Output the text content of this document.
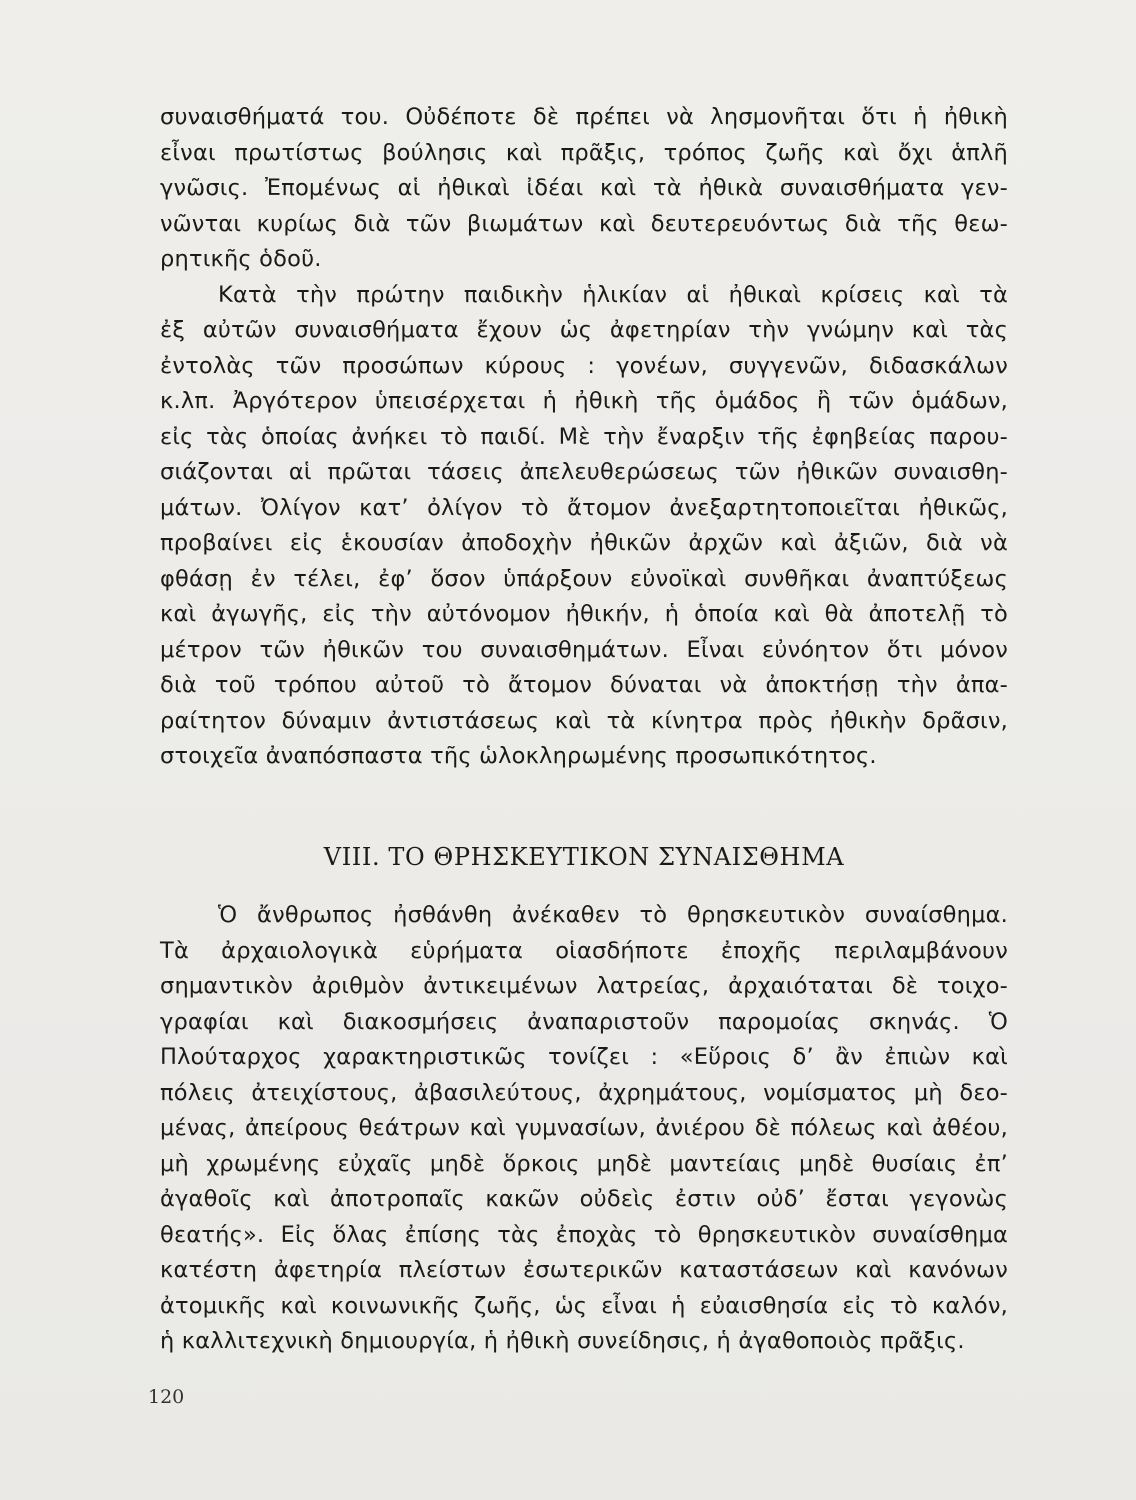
συναισθήματά του. Οὐδέποτε δὲ πρέπει νὰ λησμονῆται ὅτι ἡ ἠθικὴ
εἶναι πρωτίστως βούλησις καὶ πρᾶξις, τρόπος ζωῆς καὶ ὄχι ἁπλῆ
γνῶσις. Ἐπομένως αἱ ἠθικαὶ ἰδέαι καὶ τὰ ἠθικὰ συναισθήματα γεν-
νῶνται κυρίως διὰ τῶν βιωμάτων καὶ δευτερευόντως διὰ τῆς θεω-
ρητικῆς ὁδοῦ.
Κατὰ τὴν πρώτην παιδικὴν ἡλικίαν αἱ ἠθικαὶ κρίσεις καὶ τὰ
ἐξ αὐτῶν συναισθήματα ἔχουν ὡς ἀφετηρίαν τὴν γνώμην καὶ τὰς
ἐντολὰς τῶν προσώπων κύρους : γονέων, συγγενῶν, διδασκάλων
κ.λπ. Ἀργότερον ὑπεισέρχεται ἡ ἠθικὴ τῆς ὁμάδος ἢ τῶν ὁμάδων,
εἰς τὰς ὁποίας ἀνήκει τὸ παιδί. Μὲ τὴν ἔναρξιν τῆς ἐφηβείας παρου-
σιάζονται αἱ πρῶται τάσεις ἀπελευθερώσεως τῶν ἠθικῶν συναισθη-
μάτων. Ὀλίγον κατ’ ὀλίγον τὸ ἄτομον ἀνεξαρτητοποιεῖται ἠθικῶς,
προβαίνει εἰς ἑκουσίαν ἀποδοχὴν ἠθικῶν ἀρχῶν καὶ ἀξιῶν, διὰ νὰ
φθάσῃ ἐν τέλει, ἐφ’ ὅσον ὑπάρξουν εὐνοϊκαὶ συνθῆκαι ἀναπτύξεως
καὶ ἀγωγῆς, εἰς τὴν αὐτόνομον ἠθικήν, ἡ ὁποία καὶ θὰ ἀποτελῇ τὸ
μέτρον τῶν ἠθικῶν του συναισθημάτων. Εἶναι εὐνόητον ὅτι μόνον
διὰ τοῦ τρόπου αὐτοῦ τὸ ἄτομον δύναται νὰ ἀποκτήσῃ τὴν ἀπα-
ραίτητον δύναμιν ἀντιστάσεως καὶ τὰ κίνητρα πρὸς ἠθικὴν δρᾶσιν,
στοιχεῖα ἀναπόσπαστα τῆς ὡλοκληρωμένης προσωπικότητος.
VIII. ΤΟ ΘΡΗΣΚΕΥΤΙΚΟΝ ΣΥΝΑΙΣΘΗΜΑ
Ὁ ἄνθρωπος ἠσθάνθη ἀνέκαθεν τὸ θρησκευτικὸν συναίσθημα.
Τὰ ἀρχαιολογικὰ εὑρήματα οἱασδήποτε ἐποχῆς περιλαμβάνουν
σημαντικὸν ἀριθμὸν ἀντικειμένων λατρείας, ἀρχαιόταται δὲ τοιχο-
γραφίαι καὶ διακοσμήσεις ἀναπαριστοῦν παρομοίας σκηνάς. Ὁ
Πλούταρχος χαρακτηριστικῶς τονίζει : «Εὕροις δ’ ἂν ἐπιὼν καὶ
πόλεις ἀτειχίστους, ἀβασιλεύτους, ἀχρημάτους, νομίσματος μὴ δεο-
μένας, ἀπείρους θεάτρων καὶ γυμνασίων, ἀνιέρου δὲ πόλεως καὶ ἀθέου,
μὴ χρωμένης εὐχαῖς μηδὲ ὅρκοις μηδὲ μαντείαις μηδὲ θυσίαις ἐπ’
ἀγαθοῖς καὶ ἀποτροπαῖς κακῶν οὐδεὶς ἐστιν οὐδ’ ἔσται γεγονὼς
θεατής». Εἰς ὅλας ἐπίσης τὰς ἐποχὰς τὸ θρησκευτικὸν συναίσθημα
κατέστη ἀφετηρία πλείστων ἐσωτερικῶν καταστάσεων καὶ κανόνων
ἀτομικῆς καὶ κοινωνικῆς ζωῆς, ὡς εἶναι ἡ εὐαισθησία εἰς τὸ καλόν,
ἡ καλλιτεχνικὴ δημιουργία, ἡ ἠθικὴ συνείδησις, ἡ ἀγαθοποιὸς πρᾶξις.
120
